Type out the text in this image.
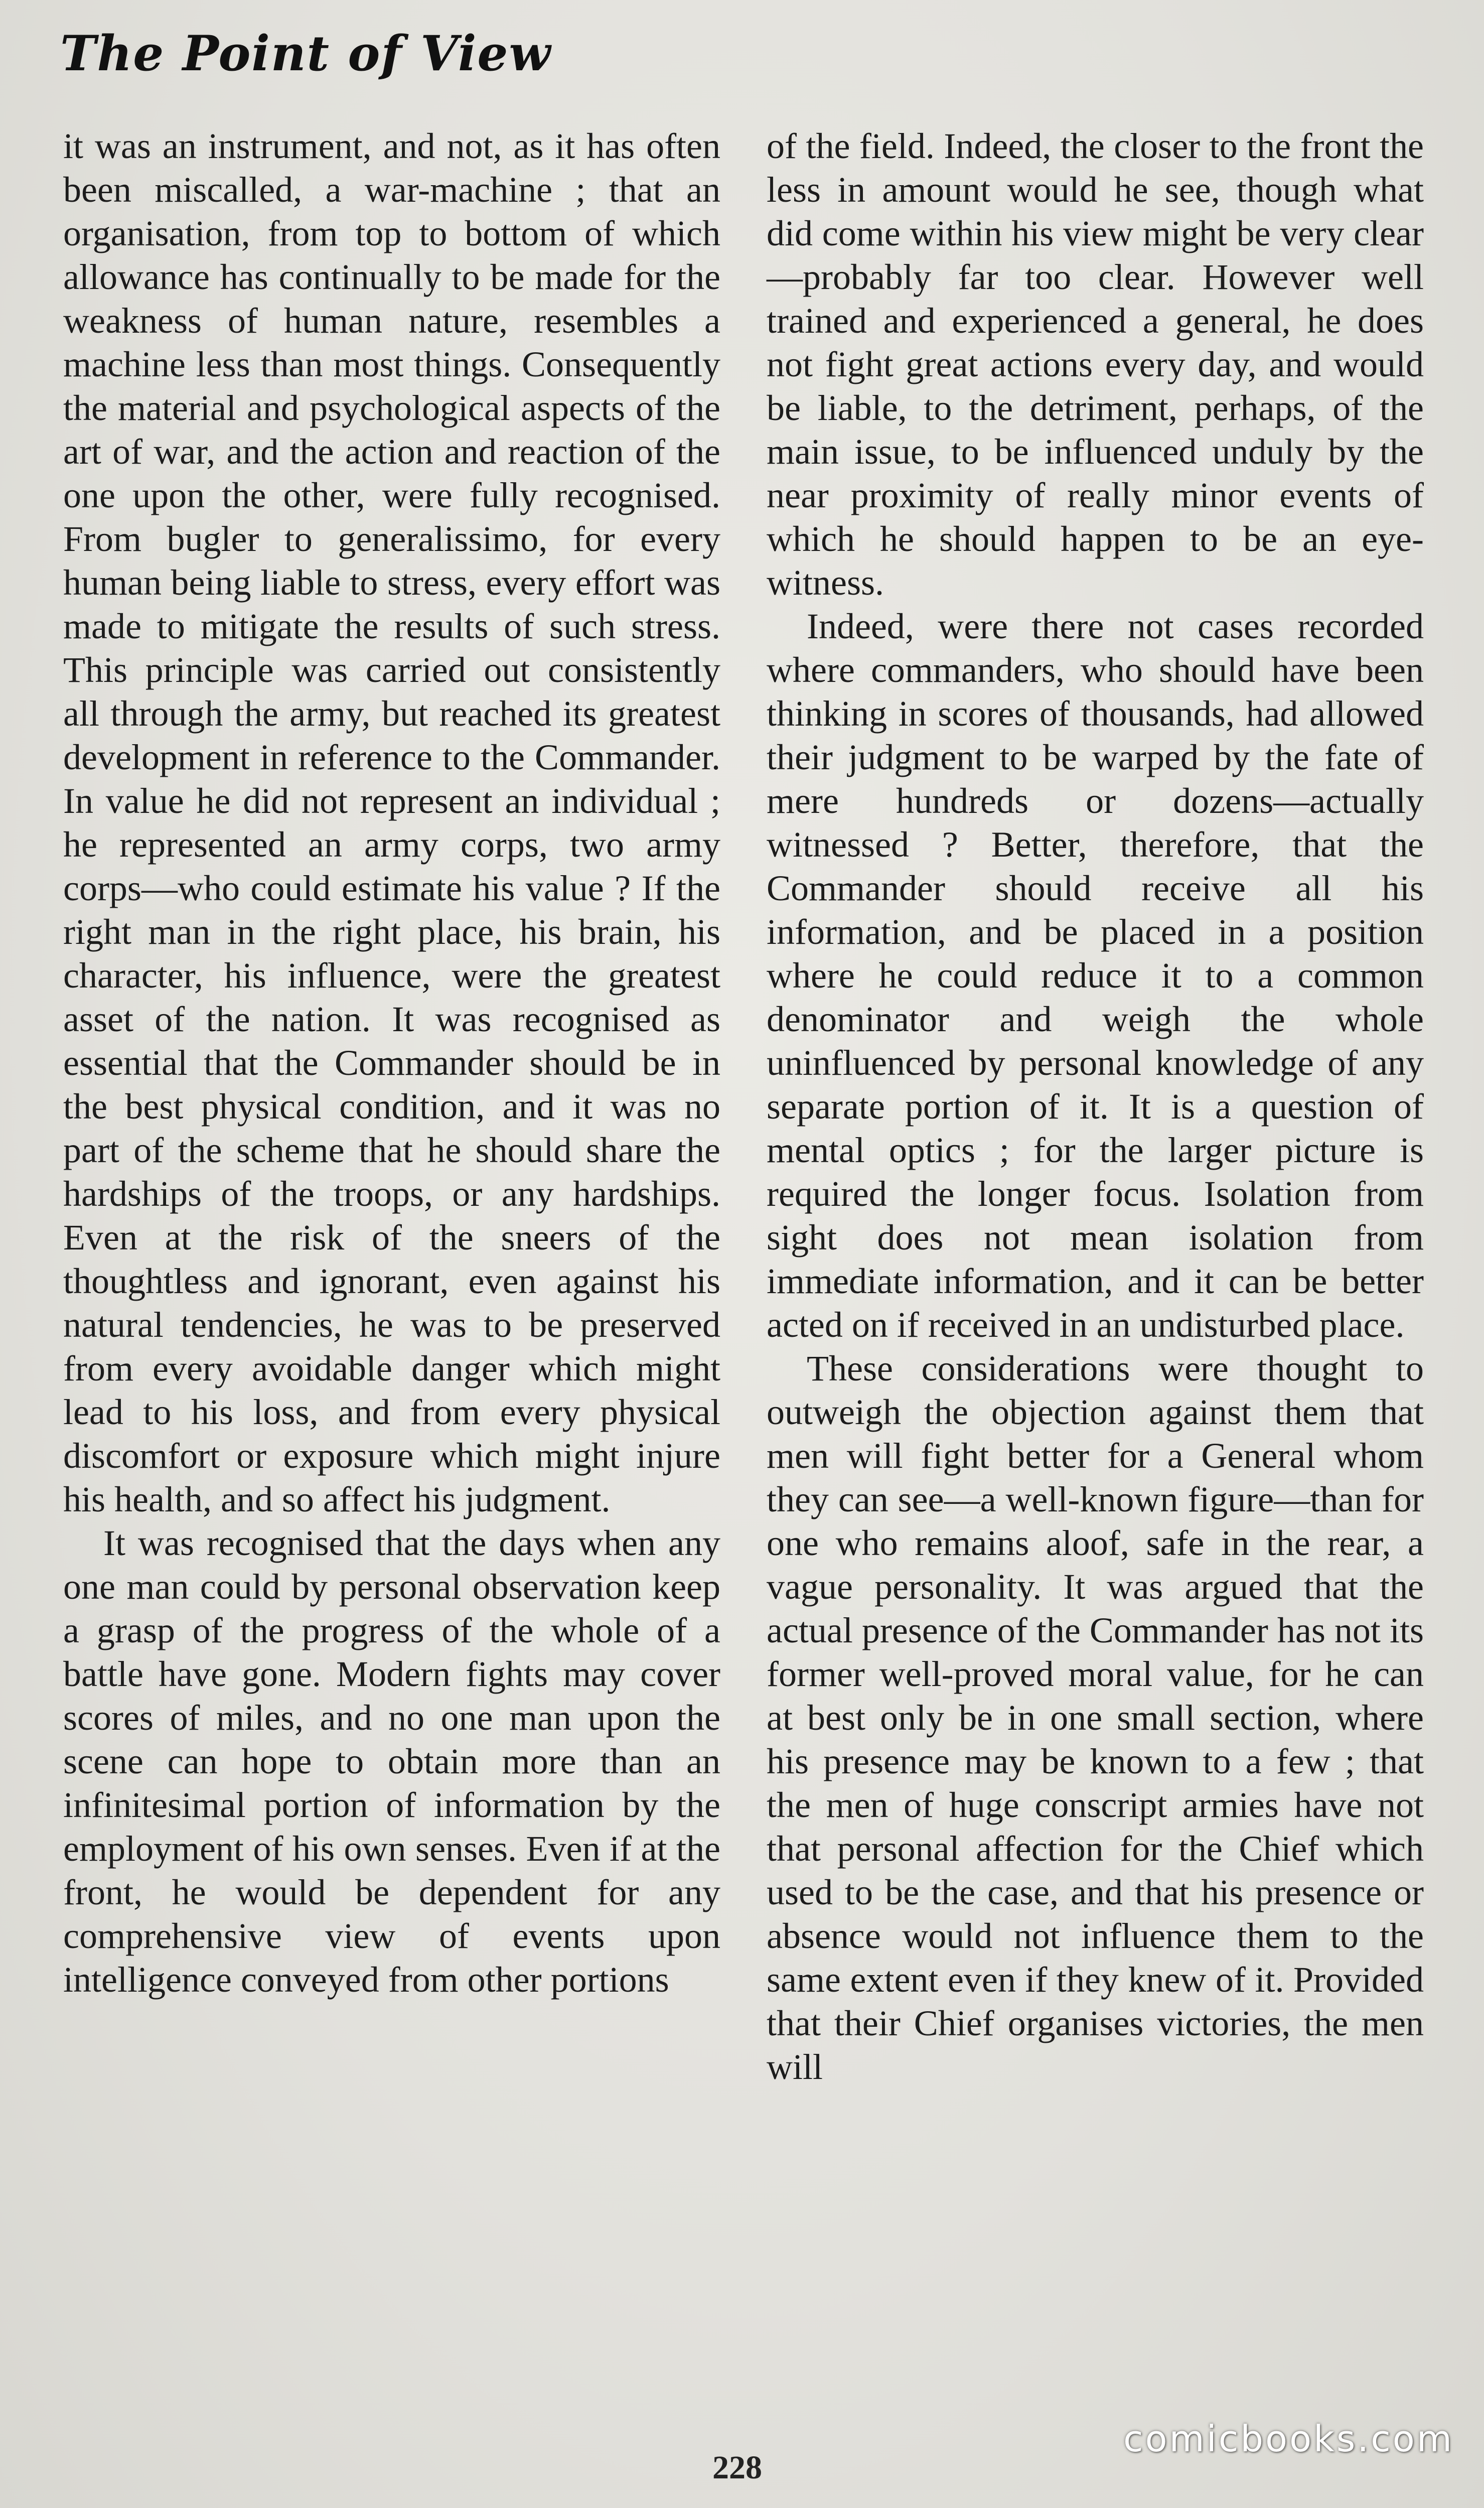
The Point of View

it was an instrument, and not, as it has often been miscalled, a war-machine ; that an organisation, from top to bottom of which allowance has continually to be made for the weakness of human nature, resembles a machine less than most things. Consequently the material and psychological aspects of the art of war, and the action and reaction of the one upon the other, were fully recognised. From bugler to generalissimo, for every human being liable to stress, every effort was made to mitigate the results of such stress. This principle was carried out consistently all through the army, but reached its greatest development in reference to the Commander. In value he did not represent an individual ; he represented an army corps, two army corps—who could estimate his value ? If the right man in the right place, his brain, his character, his influence, were the greatest asset of the nation. It was recognised as essential that the Commander should be in the best physical condition, and it was no part of the scheme that he should share the hardships of the troops, or any hardships. Even at the risk of the sneers of the thoughtless and ignorant, even against his natural tendencies, he was to be preserved from every avoidable danger which might lead to his loss, and from every physical discomfort or exposure which might injure his health, and so affect his judgment.

It was recognised that the days when any one man could by personal observation keep a grasp of the progress of the whole of a battle have gone. Modern fights may cover scores of miles, and no one man upon the scene can hope to obtain more than an infinitesimal portion of information by the employment of his own senses. Even if at the front, he would be dependent for any comprehensive view of events upon intelligence conveyed from other portions

of the field. Indeed, the closer to the front the less in amount would he see, though what did come within his view might be very clear—probably far too clear. However well trained and experienced a general, he does not fight great actions every day, and would be liable, to the detriment, perhaps, of the main issue, to be influenced unduly by the near proximity of really minor events of which he should happen to be an eye-witness.

Indeed, were there not cases recorded where commanders, who should have been thinking in scores of thousands, had allowed their judgment to be warped by the fate of mere hundreds or dozens—actually witnessed ? Better, therefore, that the Commander should receive all his information, and be placed in a position where he could reduce it to a common denominator and weigh the whole uninfluenced by personal knowledge of any separate portion of it. It is a question of mental optics ; for the larger picture is required the longer focus. Isolation from sight does not mean isolation from immediate information, and it can be better acted on if received in an undisturbed place.

These considerations were thought to outweigh the objection against them that men will fight better for a General whom they can see—a well-known figure—than for one who remains aloof, safe in the rear, a vague personality. It was argued that the actual presence of the Commander has not its former well-proved moral value, for he can at best only be in one small section, where his presence may be known to a few ; that the men of huge conscript armies have not that personal affection for the Chief which used to be the case, and that his presence or absence would not influence them to the same extent even if they knew of it. Provided that their Chief organises victories, the men will

228
comicbooks.com
